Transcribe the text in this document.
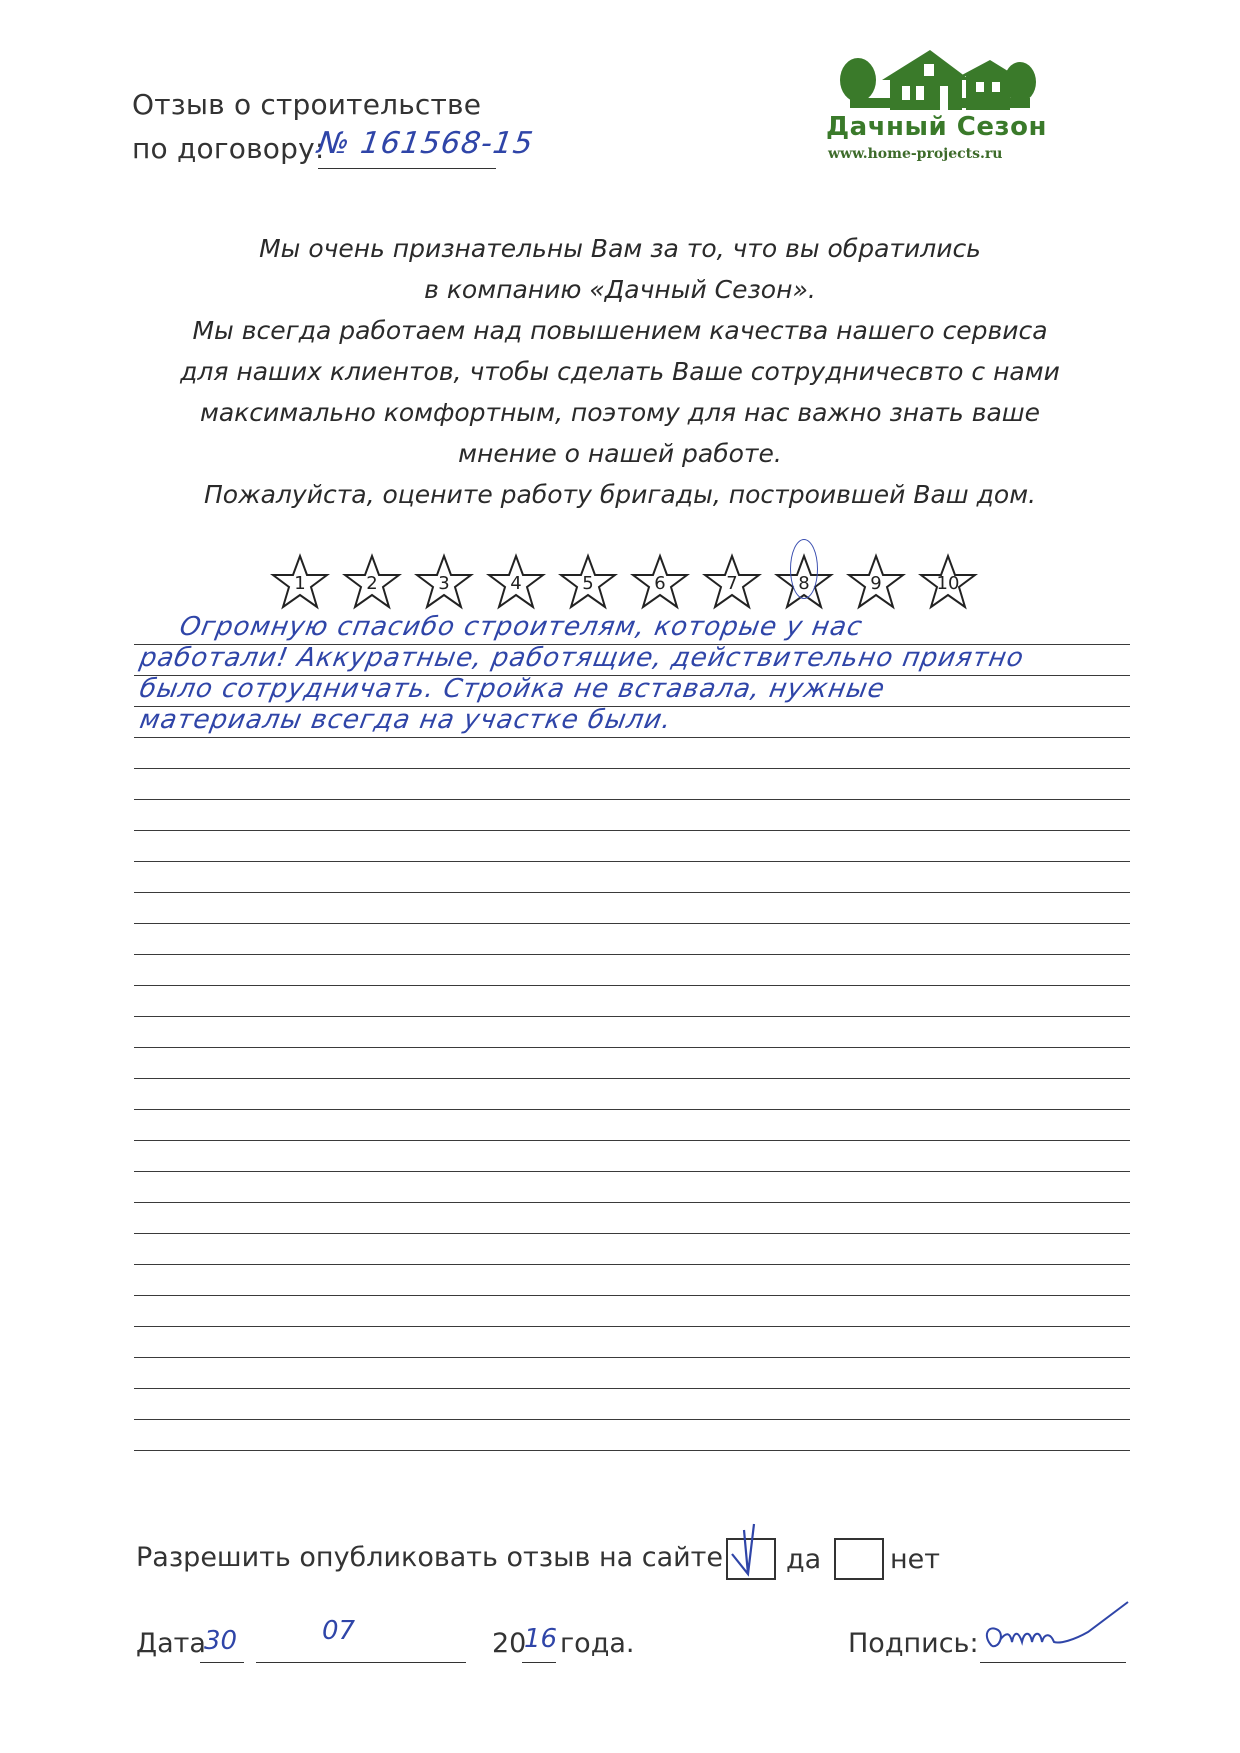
Отзыв о строительстве
по договору:
№ 161568-15	Дачный Сезон
www.home-projects.ru
Мы очень признательны Вам за то, что вы обратились
в компанию «Дачный Сезон».
Мы всегда работаем над повышением качества нашего сервиса
для наших клиентов, чтобы сделать Ваше сотрудничесвто с нами
максимально комфортным, поэтому для нас важно знать ваше
мнение о нашей работе.
Пожалуйста, оцените работу бригады, построившей Ваш дом.
1	2	3	4	5	6	7	8	9	10
Огромную спасибо строителям, которые у нас
работали! Аккуратные, работящие, действительно приятно
было сотрудничать. Стройка не вставала, нужные
материалы всегда на участке были.
Разрешить опубликовать отзыв на сайте да	нет
Дата
30	07	20
16 года.	Подпись:
